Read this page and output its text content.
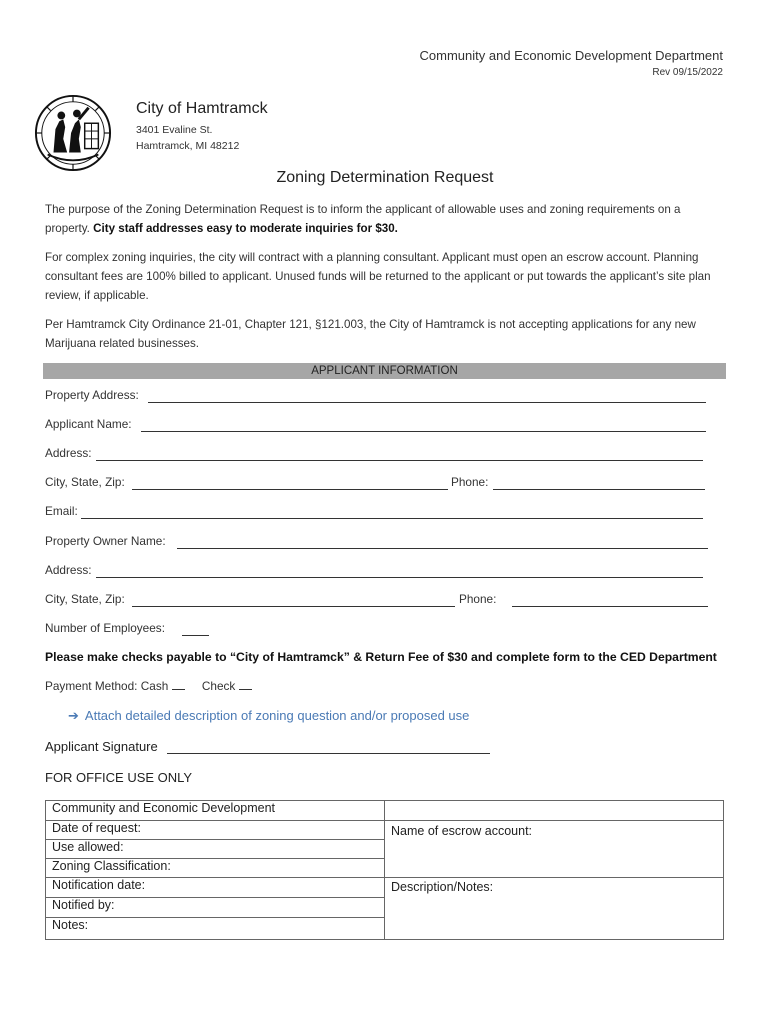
Community and Economic Development Department
Rev 09/15/2022
City of Hamtramck
3401 Evaline St.
Hamtramck, MI 48212
Zoning Determination Request
The purpose of the Zoning Determination Request is to inform the applicant of allowable uses and zoning requirements on a property. City staff addresses easy to moderate inquiries for $30.
For complex zoning inquiries, the city will contract with a planning consultant. Applicant must open an escrow account. Planning consultant fees are 100% billed to applicant. Unused funds will be returned to the applicant or put towards the applicant’s site plan review, if applicable.
Per Hamtramck City Ordinance 21-01, Chapter 121, §121.003, the City of Hamtramck is not accepting applications for any new Marijuana related businesses.
APPLICANT INFORMATION
Property Address:
Applicant Name:
Address:
City, State, Zip:	Phone:
Email:
Property Owner Name:
Address:
City, State, Zip:	Phone:
Number of Employees:
Please make checks payable to “City of Hamtramck” & Return Fee of $30 and complete form to the CED Department
Payment Method: Cash	Check
➔ Attach detailed description of zoning question and/or proposed use
Applicant Signature
FOR OFFICE USE ONLY
Community and Economic Development	
Date of request:	Name of escrow account:
Use allowed:	
Zoning Classification:	
Notification date:	Description/Notes:
Notified by:	
Notes:	
